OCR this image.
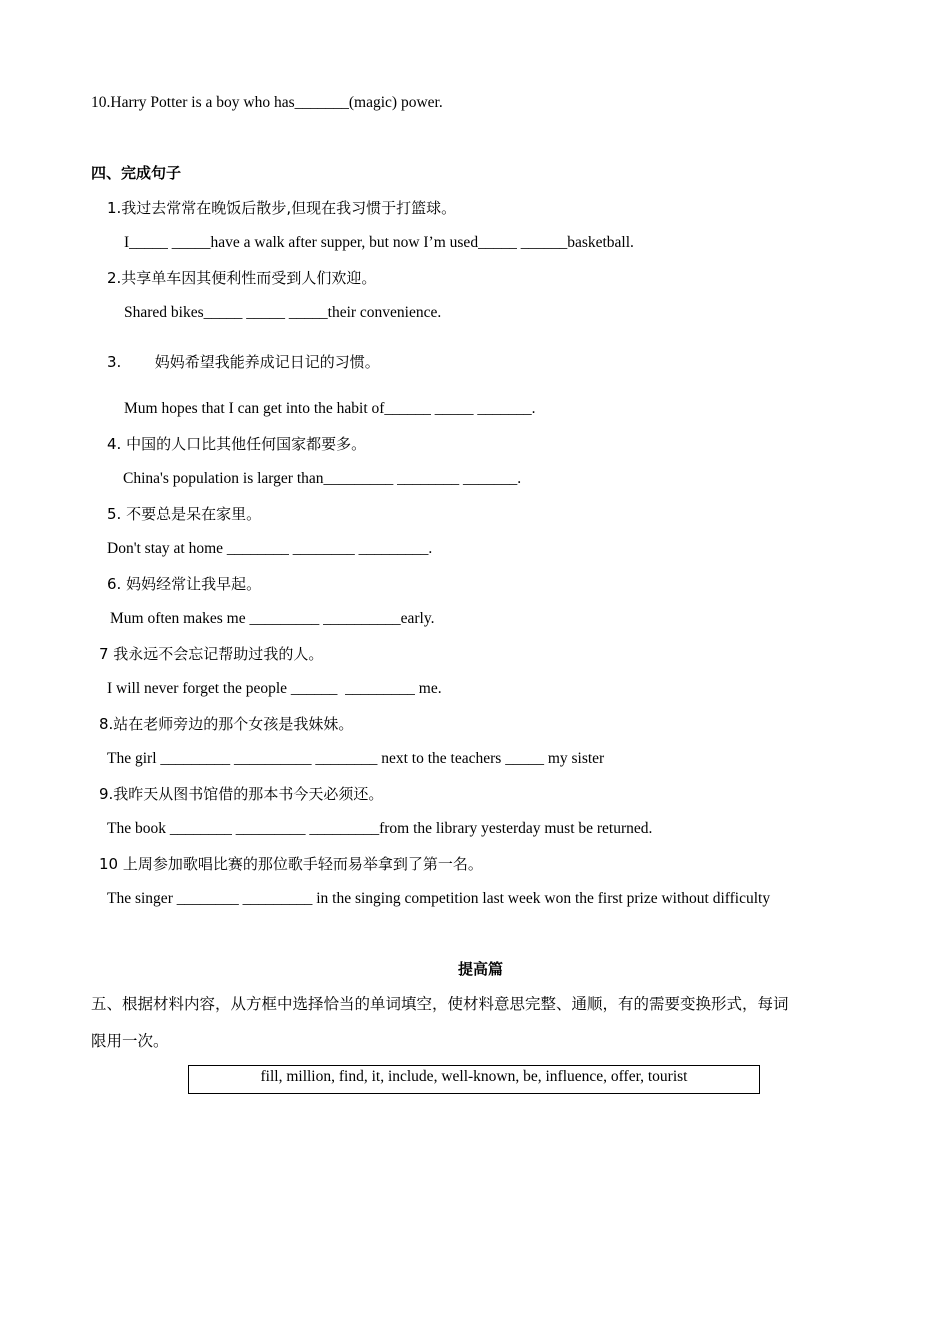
10.Harry Potter is a boy who has_______(magic) power.
四、完成句子
1.我过去常常在晚饭后散步,但现在我习惯于打篮球。
I_____ _____have a walk after supper, but now I’m used_____ ______basketball.
2.共享单车因其便利性而受到人们欢迎。
Shared bikes_____ _____ _____their convenience.
3.       妈妈希望我能养成记日记的习惯。
Mum hopes that I can get into the habit of______ _____ _______.
4. 中国的人口比其他任何国家都要多。
China's population is larger than_________ ________ _______.
5. 不要总是呆在家里。
Don't stay at home ________ ________ _________.
6. 妈妈经常让我早起。
Mum often makes me _________ __________early.
7 我永远不会忘记帮助过我的人。
I will never forget the people ______  _________ me.
8.站在老师旁边的那个女孩是我妹妹。
The girl _________ __________ ________ next to the teachers _____ my sister
9.我昨天从图书馆借的那本书今天必须还。
The book ________ _________ _________from the library yesterday must be returned.
10 上周参加歌唱比赛的那位歌手轻而易举拿到了第一名。
The singer ________ _________ in the singing competition last week won the first prize without difficulty
提高篇
五、根据材料内容，从方框中选择恰当的单词填空，使材料意思完整、通顺，有的需要变换形式，每词
限用一次。
fill, million, find, it, include, well-known, be, influence, offer, tourist
